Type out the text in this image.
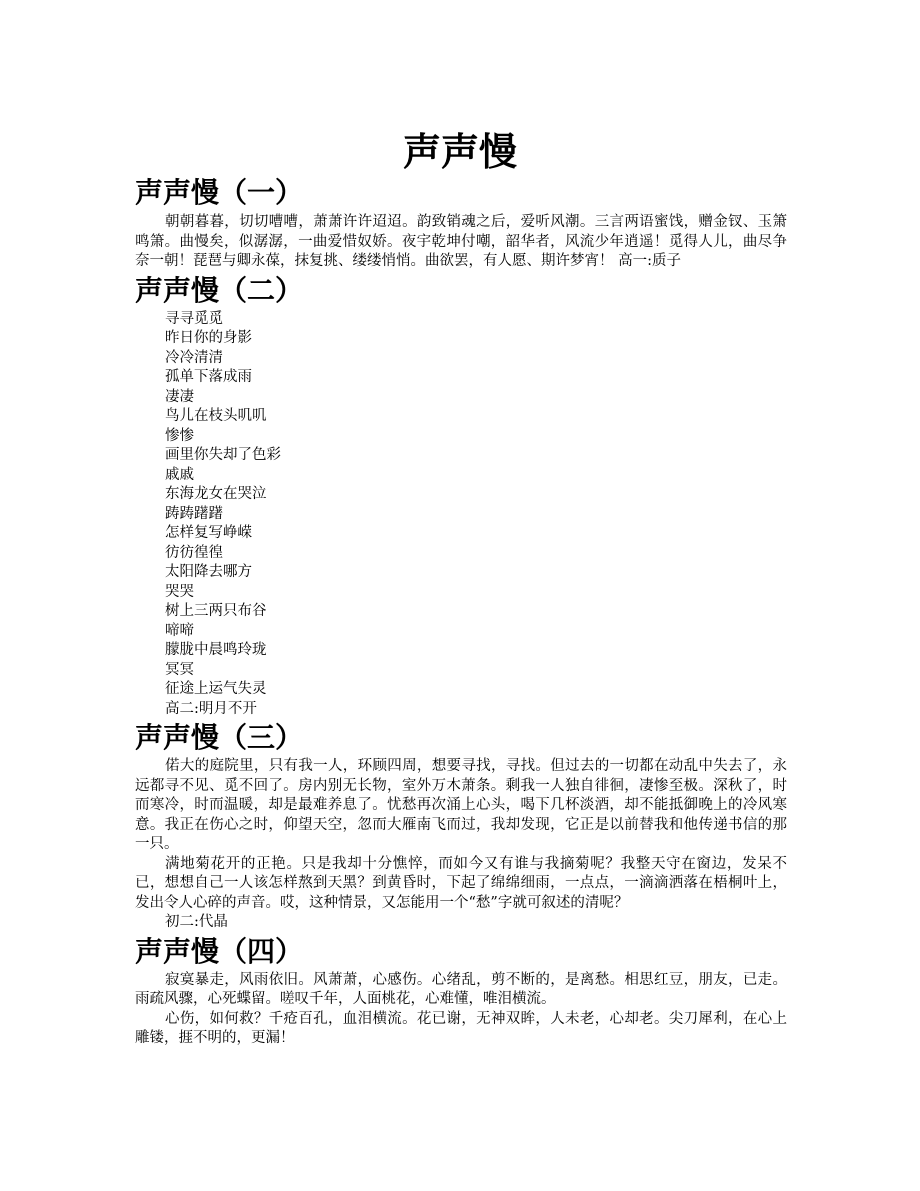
声声慢
声声慢（一）

朝朝暮暮，切切嘈嘈，萧萧许许迢迢。韵致销魂之后，爱听风潮。三言两语蜜饯，赠金钗、玉箫鸣箫。曲慢矣，似潺潺，一曲爱惜奴娇。夜宇乾坤付嘲，韶华者，风流少年逍遥！觅得人儿，曲尽争奈一朝！琵琶与卿永葆，抹复挑、缕缕悄悄。曲欲罢，有人愿、期许梦宵！ 高一:质子

声声慢（二）
寻寻觅觅
昨日你的身影
冷冷清清
孤单下落成雨
凄凄
鸟儿在枝头叽叽
惨惨
画里你失却了色彩
戚戚
东海龙女在哭泣
踌踌躇躇
怎样复写峥嵘
彷彷徨徨
太阳降去哪方
哭哭
树上三两只布谷
啼啼
朦胧中晨鸣玲珑
冥冥
征途上运气失灵
高二:明月不开
声声慢（三）

偌大的庭院里，只有我一人，环顾四周，想要寻找，寻找。但过去的一切都在动乱中失去了，永远都寻不见、觅不回了。房内别无长物，室外万木萧条。剩我一人独自徘徊，凄惨至极。深秋了，时而寒冷，时而温暖，却是最难养息了。忧愁再次涌上心头，喝下几杯淡酒，却不能抵御晚上的冷风寒意。我正在伤心之时，仰望天空，忽而大雁南飞而过，我却发现，它正是以前替我和他传递书信的那一只。

满地菊花开的正艳。只是我却十分憔悴，而如今又有谁与我摘菊呢？我整天守在窗边，发呆不已，想想自己一人该怎样熬到天黑？到黄昏时，下起了绵绵细雨，一点点，一滴滴洒落在梧桐叶上，发出令人心碎的声音。哎，这种情景，又怎能用一个“愁”字就可叙述的清呢？

初二:代晶

声声慢（四）

寂寞暴走，风雨依旧。风萧萧，心感伤。心绪乱，剪不断的，是离愁。相思红豆，朋友，已走。雨疏风骤，心死蝶留。嗟叹千年，人面桃花，心难懂，唯泪横流。

心伤，如何救？千疮百孔，血泪横流。花已谢，无神双眸，人未老，心却老。尖刀犀利，在心上雕镂，捱不明的，更漏！
